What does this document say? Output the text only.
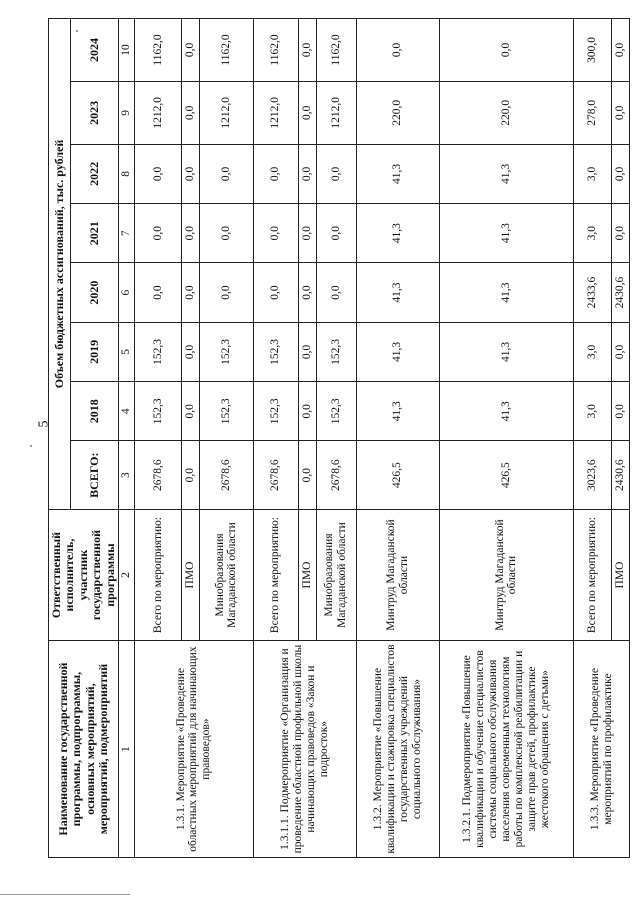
5
Наименование государственной программы, подпрограммы, основных мероприятий, мероприятий, подмероприятий	Ответственный исполнитель, участник государственной программы	Объем бюджетных ассигнований, тыс. рублей							
		ВСЕГО:	2018	2019	2020	2021	2022	2023	2024
1	2	3	4	5	6	7	8	9	10
1.3.1. Мероприятие «Проведение областных мероприятий для начинающих правоведов»	Всего по мероприятию:	2678,6	152,3	152,3	0,0	0,0	0,0	1212,0	1162,0
	ПМО	0,0	0,0	0,0	0,0	0,0	0,0	0,0	0,0
	Минобразования Магаданской области	2678,6	152,3	152,3	0,0	0,0	0,0	1212,0	1162,0
1.3.1.1. Подмероприятие «Организация и проведение областной профильной школы начинающих правоведов «Закон и подросток»	Всего по мероприятию:	2678,6	152,3	152,3	0,0	0,0	0,0	1212,0	1162,0
	ПМО	0,0	0,0	0,0	0,0	0,0	0,0	0,0	0,0
	Минобразования Магаданской области	2678,6	152,3	152,3	0,0	0,0	0,0	1212,0	1162,0
1.3.2. Мероприятие «Повышение квалификации и стажировка специалистов государственных учреждений социального обслуживания»	Минтруд Магаданской области	426,5	41,3	41,3	41,3	41,3	41,3	220,0	0,0
1.3.2.1. Подмероприятие «Повышение квалификации и обучение специалистов системы социального обслуживания населения современным технологиям работы по комплексной реабилитации и защите прав детей, профилактике жестокого обращения с детьми»	Минтруд Магаданской области	426,5	41,3	41,3	41,3	41,3	41,3	220,0	0,0
1.3.3. Мероприятие «Проведение мероприятий по профилактике	Всего по мероприятию:	3023,6	3,0	3,0	2433,6	3,0	3,0	278,0	300,0
	ПМО	2430,6	0,0	0,0	2430,6	0,0	0,0	0,0	0,0
